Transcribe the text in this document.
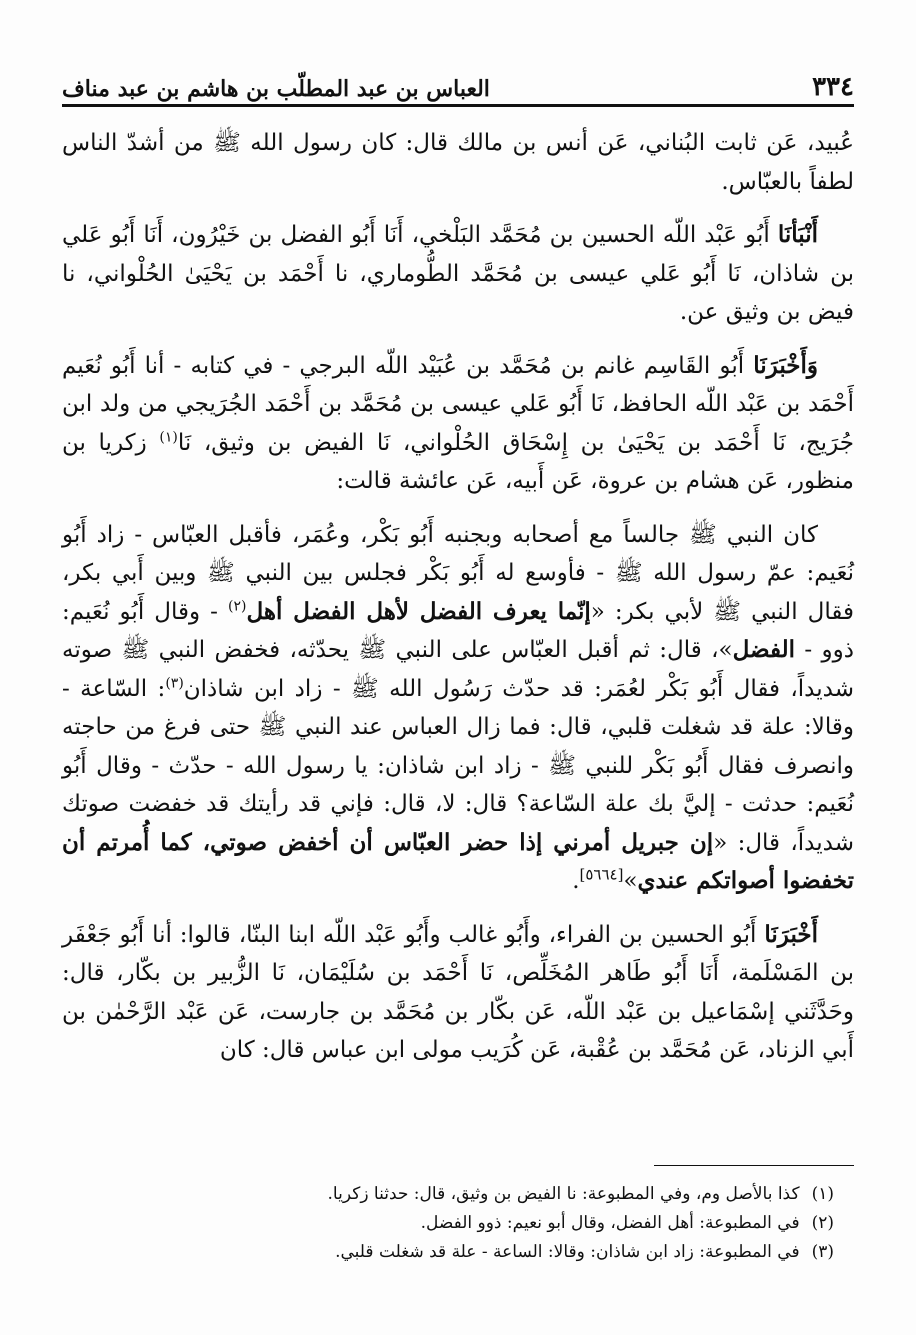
٣٣٤
العباس بن عبد المطلّب بن هاشم بن عبد مناف

عُبيد، عَن ثابت البُناني، عَن أنس بن مالك قال: كان رسول الله ﷺ من أشدّ الناس لطفاً بالعبّاس.

أَنْبَأنَا أَبُو عَبْد اللّه الحسين بن مُحَمَّد البَلْخي، أَنَا أَبُو الفضل بن خَيْرُون، أَنَا أَبُو عَلي بن شاذان، نَا أَبُو عَلي عيسى بن مُحَمَّد الطُّوماري، نا أَحْمَد بن يَحْيَىٰ الحُلْواني، نا فيض بن وثيق عن.

وَأَخْبَرَنَا أَبُو القَاسِم غانم بن مُحَمَّد بن عُبَيْد اللّه البرجي - في كتابه - أنا أَبُو نُعَيم أَحْمَد بن عَبْد اللّه الحافظ، نَا أَبُو عَلي عيسى بن مُحَمَّد بن أَحْمَد الجُرَيجي من ولد ابن جُرَيج، نَا أَحْمَد بن يَحْيَىٰ بن إِسْحَاق الحُلْواني، نَا الفيض بن وثيق، نَا$^{(١)}$ زكريا بن منظور، عَن هشام بن عروة، عَن أَبيه، عَن عائشة قالت:

كان النبي ﷺ جالساً مع أصحابه وبجنبه أَبُو بَكْر، وعُمَر، فأقبل العبّاس - زاد أَبُو نُعَيم: عمّ رسول الله ﷺ - فأوسع له أَبُو بَكْر فجلس بين النبي ﷺ وبين أَبي بكر، فقال النبي ﷺ لأبي بكر: «إنّما يعرف الفضل لأهل الفضل أهل$^{(٢)}$ - وقال أَبُو نُعَيم: ذوو - الفضل»، قال: ثم أقبل العبّاس على النبي ﷺ يحدّثه، فخفض النبي ﷺ صوته شديداً، فقال أَبُو بَكْر لعُمَر: قد حدّث رَسُول الله ﷺ - زاد ابن شاذان$^{(٣)}$: السّاعة - وقالا: علة قد شغلت قلبي، قال: فما زال العباس عند النبي ﷺ حتى فرغ من حاجته وانصرف فقال أَبُو بَكْر للنبي ﷺ - زاد ابن شاذان: يا رسول الله - حدّث - وقال أَبُو نُعَيم: حدثت - إليَّ بك علة السّاعة؟ قال: لا، قال: فإني قد رأيتك قد خفضت صوتك شديداً، قال: «إن جبريل أمرني إذا حضر العبّاس أن أخفض صوتي، كما أُمرتم أن تخفضوا أصواتكم عندي»[٥٦٦٤].

أَخْبَرَنَا أَبُو الحسين بن الفراء، وأَبُو غالب وأَبُو عَبْد اللّه ابنا البنّا، قالوا: أنا أَبُو جَعْفَر بن المَسْلَمة، أَنَا أَبُو طَاهر المُخَلِّص، نَا أَحْمَد بن سُلَيْمَان، نَا الزُّبير بن بكّار، قال: وحَدَّثَني إسْمَاعيل بن عَبْد اللّه، عَن بكّار بن مُحَمَّد بن جارست، عَن عَبْد الرَّحْمٰن بن أَبي الزناد، عَن مُحَمَّد بن عُقْبة، عَن كُرَيب مولى ابن عباس قال: كان

(١)
كذا بالأصل وم، وفي المطبوعة: نا الفيض بن وثيق، قال: حدثنا زكريا.
(٢)
في المطبوعة: أهل الفضل، وقال أبو نعيم: ذوو الفضل.
(٣)
في المطبوعة: زاد ابن شاذان: وقالا: الساعة - علة قد شغلت قلبي.
